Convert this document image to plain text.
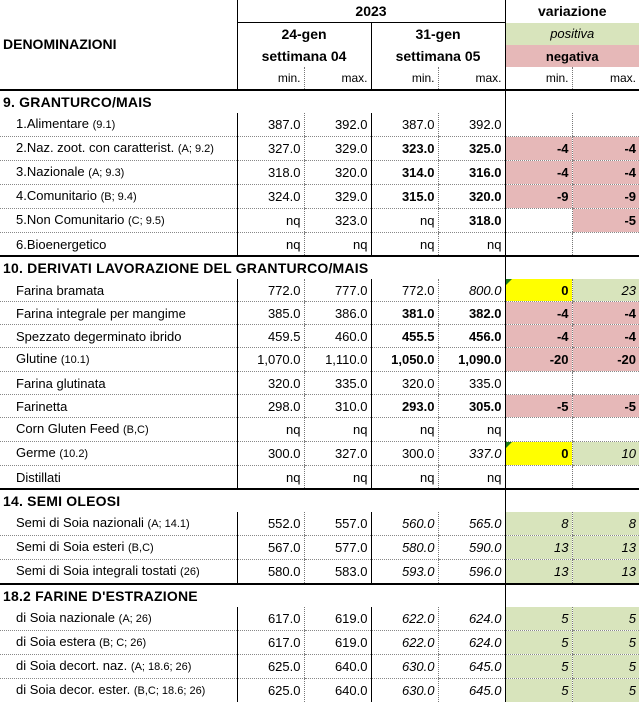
	2023				variazione	
DENOMINAZIONI	24-gen		31-gen		positiva	
	settimana 04		settimana 05		negativa	
	min.	max.	min.	max.	min.	max.
9. GRANTURCO/MAIS						
1.Alimentare (9.1)	387.0	392.0	387.0	392.0		
2.Naz. zoot. con caratterist. (A; 9.2)	327.0	329.0	323.0	325.0	-4	-4
3.Nazionale (A; 9.3)	318.0	320.0	314.0	316.0	-4	-4
4.Comunitario (B; 9.4)	324.0	329.0	315.0	320.0	-9	-9
5.Non Comunitario (C; 9.5)	nq	323.0	nq	318.0		-5
6.Bioenergetico	nq	nq	nq	nq		
10. DERIVATI LAVORAZIONE DEL GRANTURCO/MAIS						
Farina bramata	772.0	777.0	772.0	800.0	0	23
Farina integrale per mangime	385.0	386.0	381.0	382.0	-4	-4
Spezzato degerminato ibrido	459.5	460.0	455.5	456.0	-4	-4
Glutine (10.1)	1,070.0	1,110.0	1,050.0	1,090.0	-20	-20
Farina glutinata	320.0	335.0	320.0	335.0		
Farinetta	298.0	310.0	293.0	305.0	-5	-5
Corn Gluten Feed (B,C)	nq	nq	nq	nq		
Germe (10.2)	300.0	327.0	300.0	337.0	0	10
Distillati	nq	nq	nq	nq		
14. SEMI OLEOSI						
Semi di Soia nazionali (A; 14.1)	552.0	557.0	560.0	565.0	8	8
Semi di Soia esteri (B,C)	567.0	577.0	580.0	590.0	13	13
Semi di Soia integrali tostati (26)	580.0	583.0	593.0	596.0	13	13
18.2 FARINE D'ESTRAZIONE						
di Soia nazionale (A; 26)	617.0	619.0	622.0	624.0	5	5
di Soia estera (B; C; 26)	617.0	619.0	622.0	624.0	5	5
di Soia decort. naz. (A; 18.6; 26)	625.0	640.0	630.0	645.0	5	5
di Soia decor. ester. (B,C; 18.6; 26)	625.0	640.0	630.0	645.0	5	5
